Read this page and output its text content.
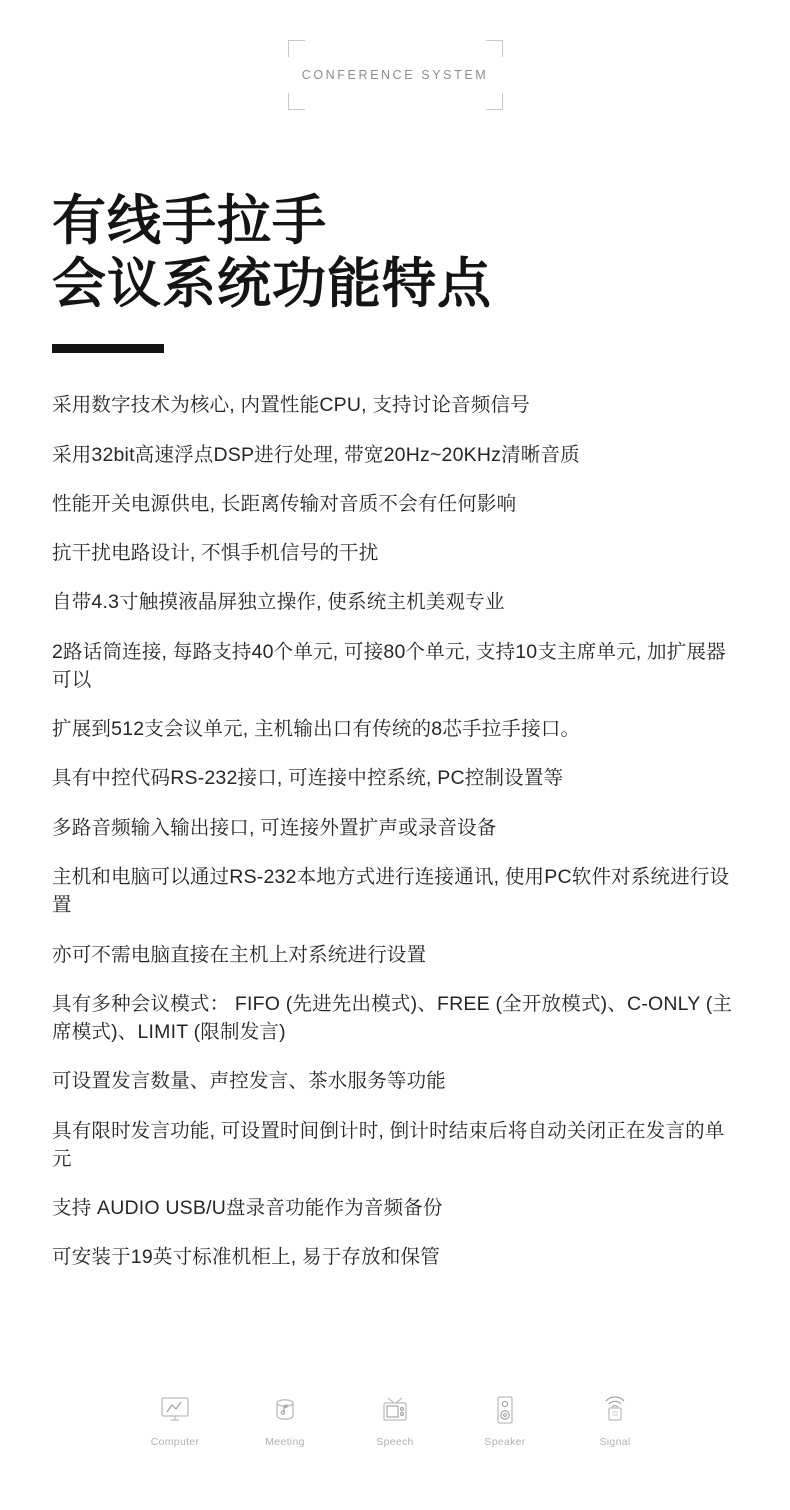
CONFERENCE SYSTEM
有线手拉手
会议系统功能特点
采用数字技术为核心, 内置性能CPU, 支持讨论音频信号
采用32bit高速浮点DSP进行处理, 带宽20Hz~20KHz清晰音质
性能开关电源供电, 长距离传输对音质不会有任何影响
抗干扰电路设计, 不惧手机信号的干扰
自带4.3寸触摸液晶屏独立操作, 使系统主机美观专业
2路话筒连接, 每路支持40个单元, 可接80个单元, 支持10支主席单元, 加扩展器可以
扩展到512支会议单元, 主机输出口有传统的8芯手拉手接口。
具有中控代码RS-232接口, 可连接中控系统, PC控制设置等
多路音频输入输出接口, 可连接外置扩声或录音设备
主机和电脑可以通过RS-232本地方式进行连接通讯, 使用PC软件对系统进行设置
亦可不需电脑直接在主机上对系统进行设置
具有多种会议模式： FIFO (先进先出模式)、FREE (全开放模式)、C-ONLY (主席模式)、LIMIT (限制发言)
可设置发言数量、声控发言、茶水服务等功能
具有限时发言功能, 可设置时间倒计时, 倒计时结束后将自动关闭正在发言的单元
支持 AUDIO USB/U盘录音功能作为音频备份
可安装于19英寸标准机柜上, 易于存放和保管
Computer	Meeting	Speech	Speaker	Signal
